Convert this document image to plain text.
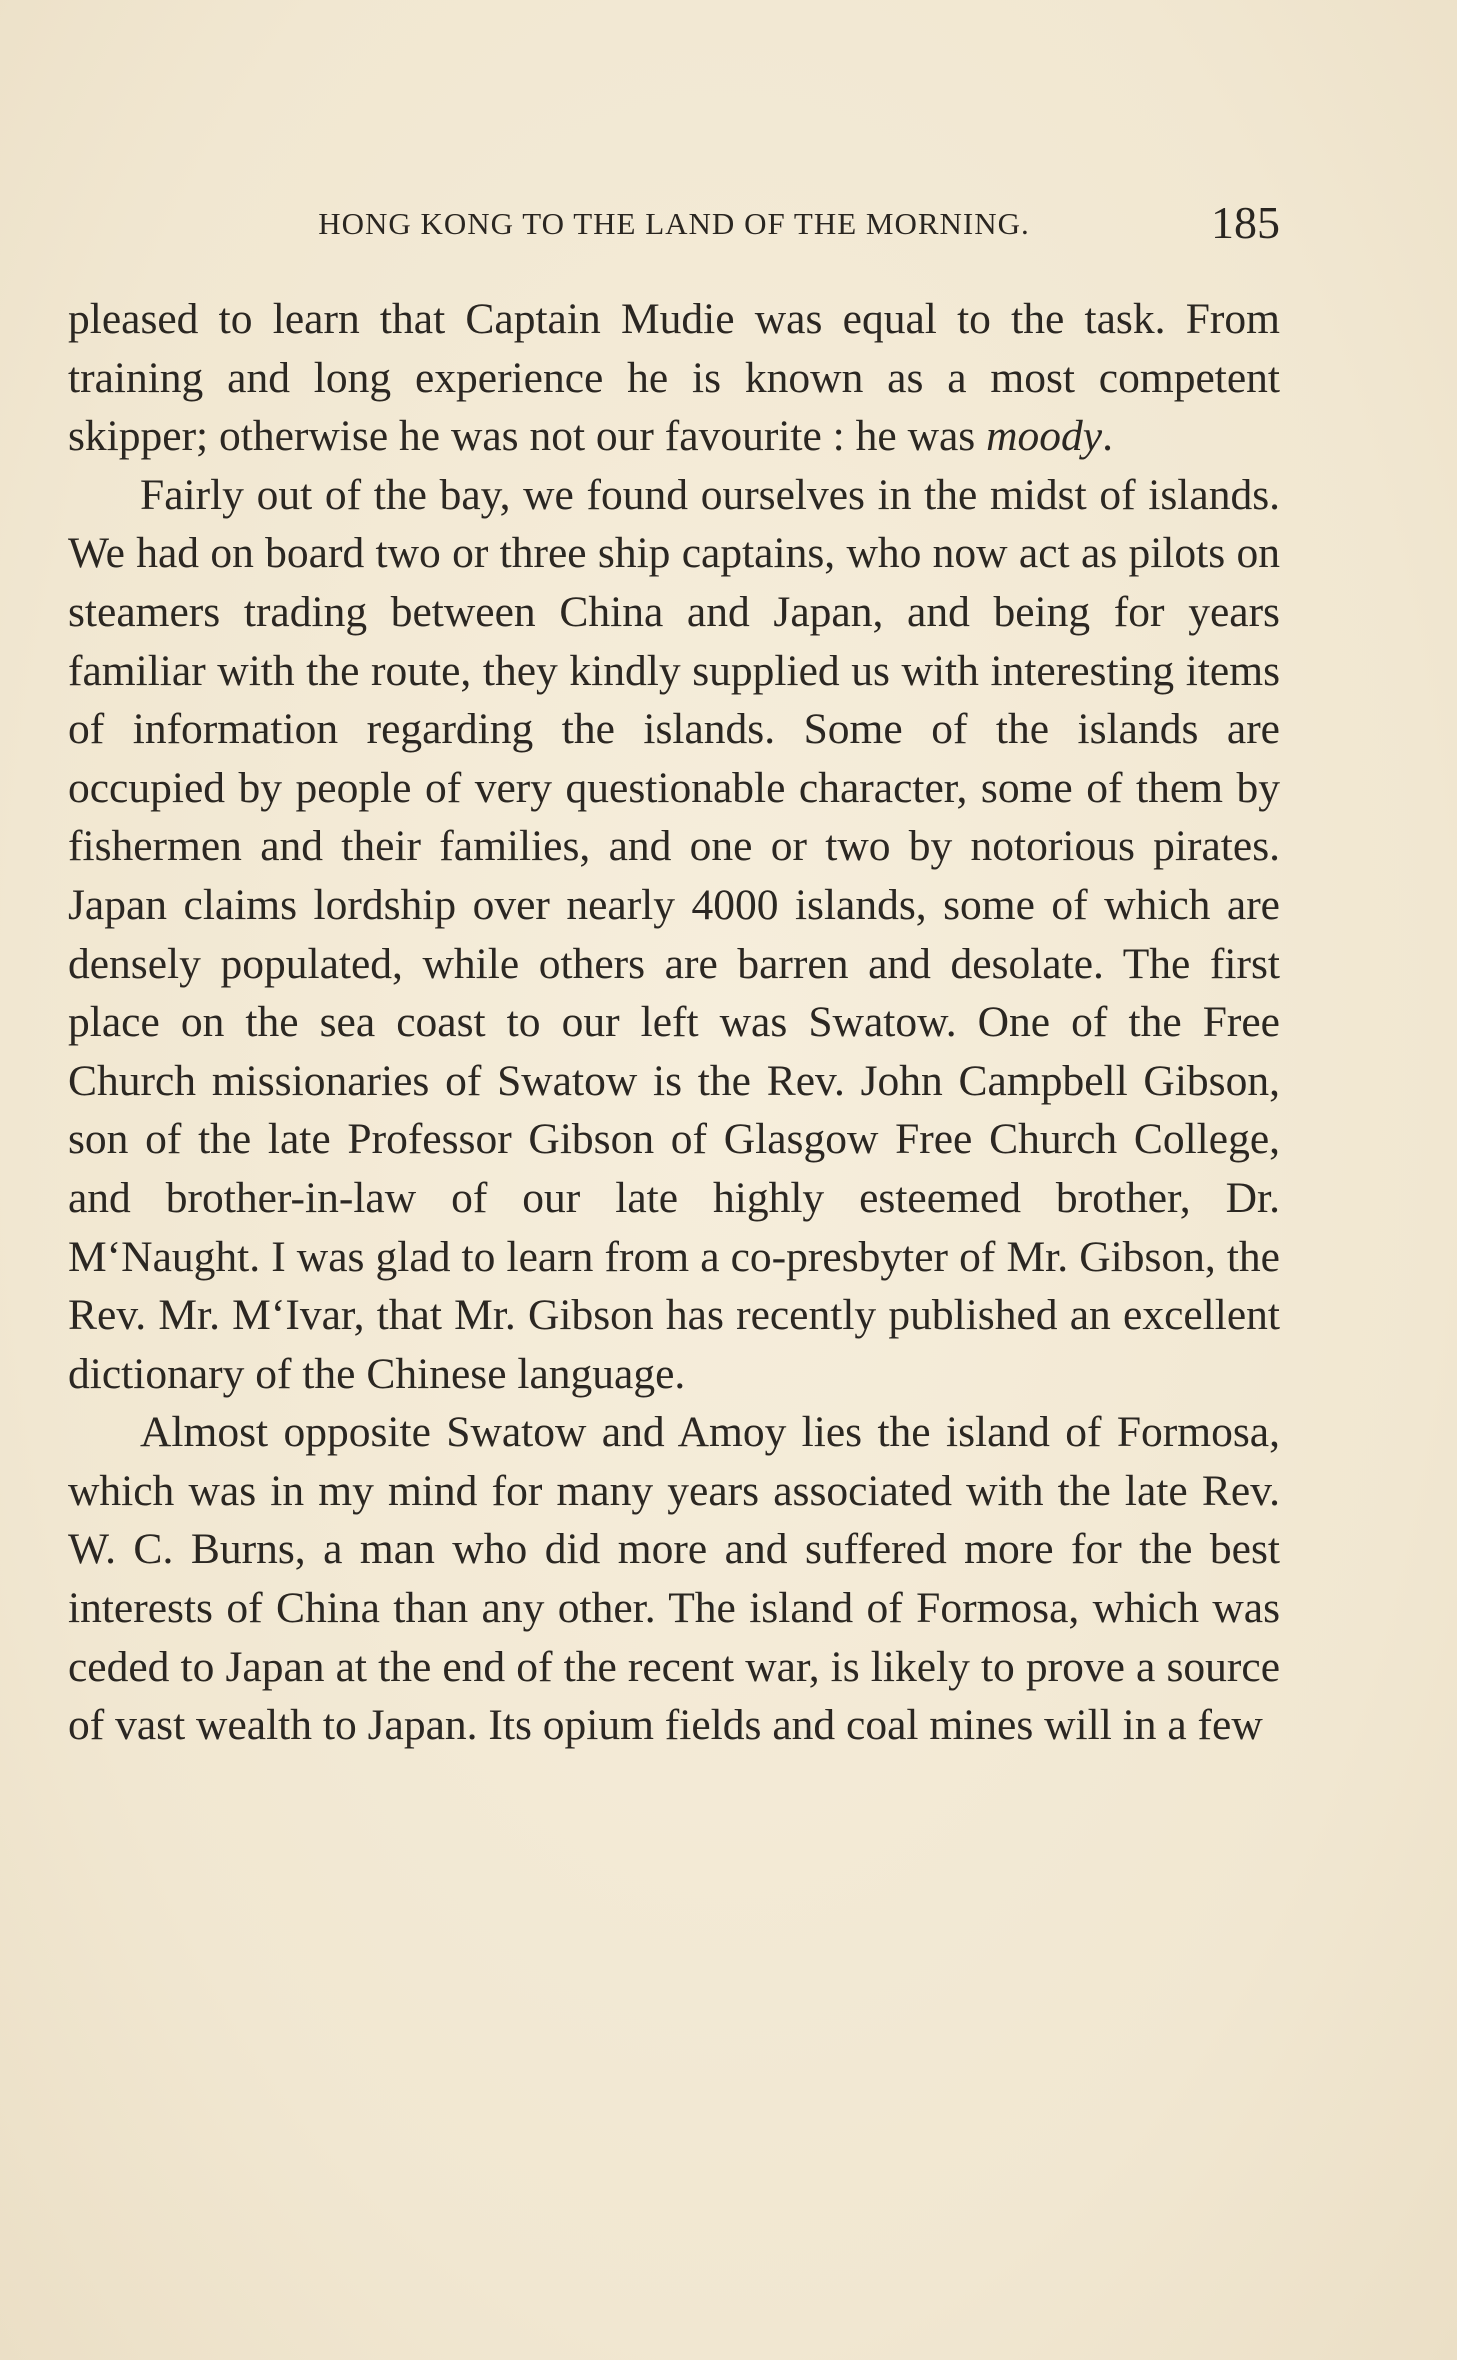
HONG KONG TO THE LAND OF THE MORNING.	185

pleased to learn that Captain Mudie was equal to the task. From training and long experience he is known as a most competent skipper; otherwise he was not our favourite : he was moody.

Fairly out of the bay, we found ourselves in the midst of islands. We had on board two or three ship captains, who now act as pilots on steamers trading between China and Japan, and being for years familiar with the route, they kindly supplied us with interesting items of information regarding the islands. Some of the islands are occupied by people of very questionable character, some of them by fishermen and their families, and one or two by notorious pirates. Japan claims lordship over nearly 4000 islands, some of which are densely populated, while others are barren and desolate. The first place on the sea coast to our left was Swatow. One of the Free Church missionaries of Swatow is the Rev. John Campbell Gibson, son of the late Professor Gibson of Glasgow Free Church College, and brother-in-law of our late highly esteemed brother, Dr. M‘Naught. I was glad to learn from a co-presbyter of Mr. Gibson, the Rev. Mr. M‘Ivar, that Mr. Gibson has recently published an excellent dictionary of the Chinese language.

Almost opposite Swatow and Amoy lies the island of Formosa, which was in my mind for many years associated with the late Rev. W. C. Burns, a man who did more and suffered more for the best interests of China than any other. The island of Formosa, which was ceded to Japan at the end of the recent war, is likely to prove a source of vast wealth to Japan. Its opium fields and coal mines will in a few
